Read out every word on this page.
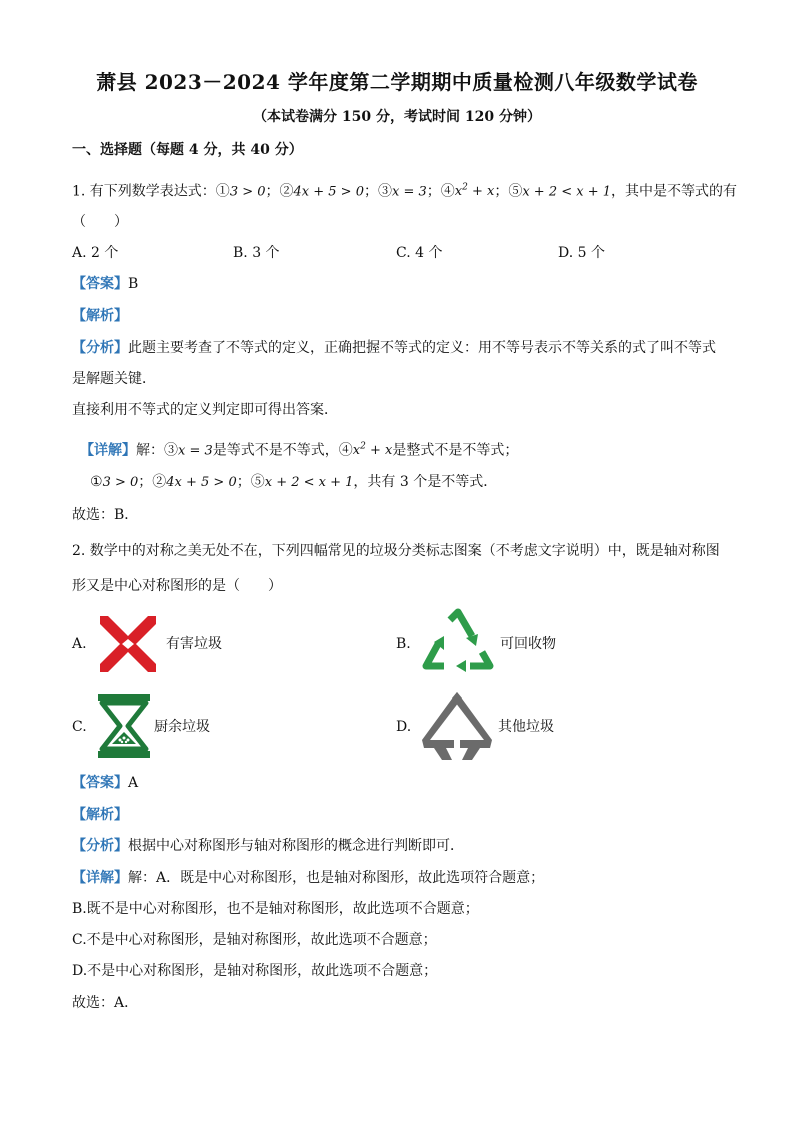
萧县 2023－2024 学年度第二学期期中质量检测八年级数学试卷
（本试卷满分 150 分，考试时间 120 分钟）
一、选择题（每题 4 分，共 40 分）
1. 有下列数学表达式：①3 > 0；②4x + 5 > 0；③x = 3；$④x^2 + x$；⑤x + 2 < x + 1，其中是不等式的有
（　　）
A. 2 个	B. 3 个	C. 4 个	D. 5 个
【答案】B
【解析】
【分析】此题主要考查了不等式的定义，正确把握不等式的定义：用不等号表示不等关系的式了叫不等式
是解题关键．
直接利用不等式的定义判定即可得出答案．
【详解】解：③x = 3是等式不是不等式，$④x^2 + x$是整式不是不等式；
①3 > 0；②4x + 5 > 0；⑤x + 2 < x + 1，共有 3 个是不等式．
故选：B．
2. 数学中的对称之美无处不在，下列四幅常见的垃圾分类标志图案（不考虑文字说明）中，既是轴对称图
形又是中心对称图形的是（　　）
A.	有害垃圾	B.	可回收物
C.	厨余垃圾	D.	其他垃圾
【答案】A
【解析】
【分析】根据中心对称图形与轴对称图形的概念进行判断即可．
【详解】解：A．既是中心对称图形，也是轴对称图形，故此选项符合题意；
B.既不是中心对称图形，也不是轴对称图形，故此选项不合题意；
C.不是中心对称图形，是轴对称图形，故此选项不合题意；
D.不是中心对称图形，是轴对称图形，故此选项不合题意；
故选：A．
